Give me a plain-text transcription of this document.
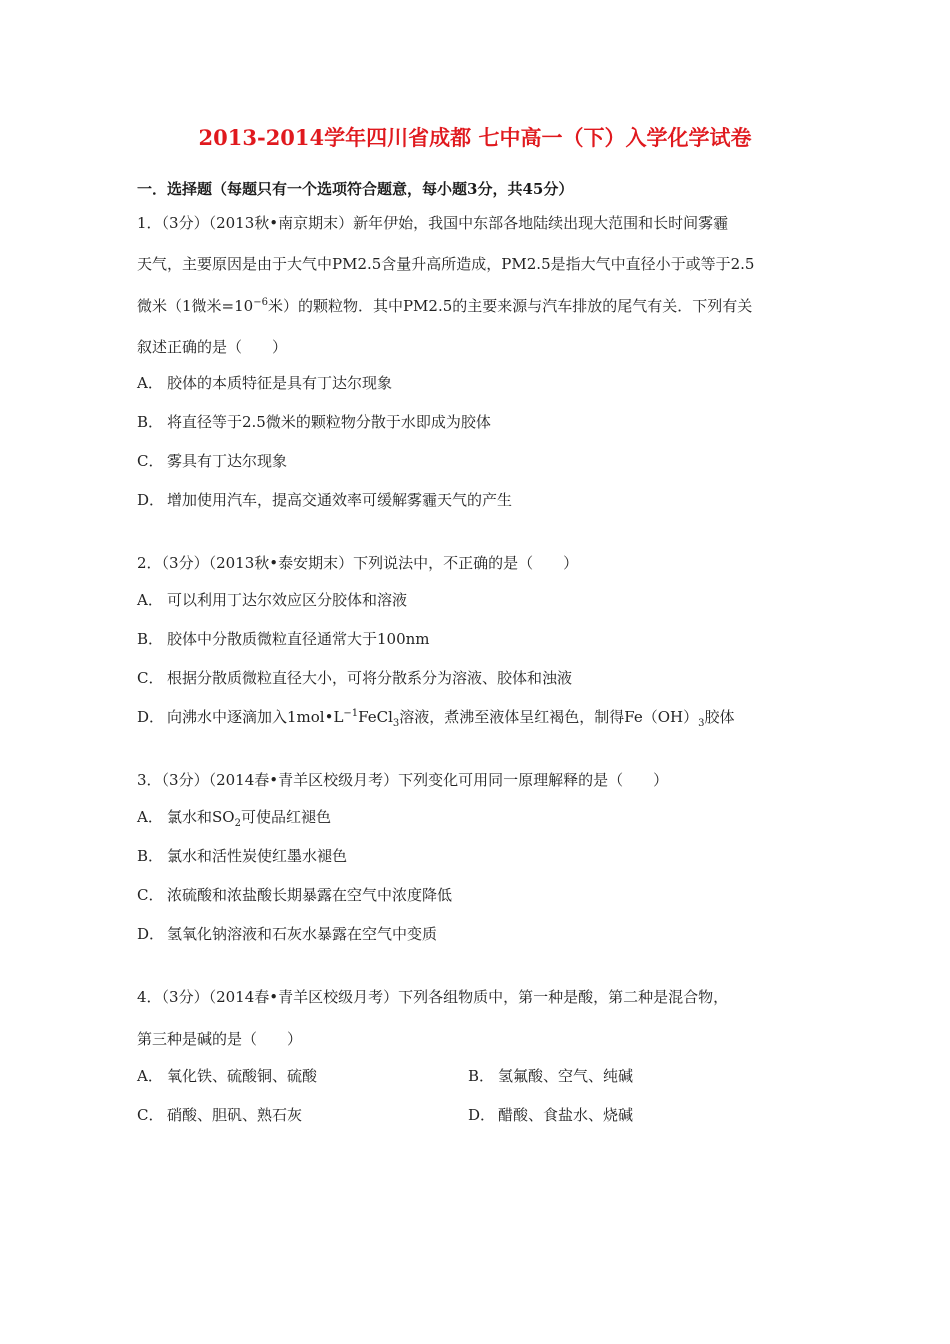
2013-2014学年四川省成都 七中高一（下）入学化学试卷
一．选择题（每题只有一个选项符合题意，每小题3分，共45分）
1．（3分）（2013秋•南京期末）新年伊始，我国中东部各地陆续出现大范围和长时间雾霾
天气，主要原因是由于大气中PM2.5含量升高所造成，PM2.5是指大气中直径小于或等于2.5
微米（1微米$=10^{-6}$米）的颗粒物．其中PM2.5的主要来源与汽车排放的尾气有关．下列有关
叙述正确的是（　　）
A． 胶体的本质特征是具有丁达尔现象
B． 将直径等于2.5微米的颗粒物分散于水即成为胶体
C． 雾具有丁达尔现象
D． 增加使用汽车，提高交通效率可缓解雾霾天气的产生
2．（3分）（2013秋•泰安期末）下列说法中，不正确的是（　　）
A． 可以利用丁达尔效应区分胶体和溶液
B． 胶体中分散质微粒直径通常大于100nm
C． 根据分散质微粒直径大小，可将分散系分为溶液、胶体和浊液
D． 向沸水中逐滴加入$1mol•L^{-1}FeCl_3$溶液，煮沸至液体呈红褐色，制得$Fe(OH)_3$胶体
3．（3分）（2014春•青羊区校级月考）下列变化可用同一原理解释的是（　　）
A． 氯水和$SO_2$可使品红褪色
B． 氯水和活性炭使红墨水褪色
C． 浓硫酸和浓盐酸长期暴露在空气中浓度降低
D． 氢氧化钠溶液和石灰水暴露在空气中变质
4．（3分）（2014春•青羊区校级月考）下列各组物质中，第一种是酸，第二种是混合物，
第三种是碱的是（　　）
A． 氧化铁、硫酸铜、硫酸	B． 氢氟酸、空气、纯碱
C． 硝酸、胆矾、熟石灰	D． 醋酸、食盐水、烧碱
